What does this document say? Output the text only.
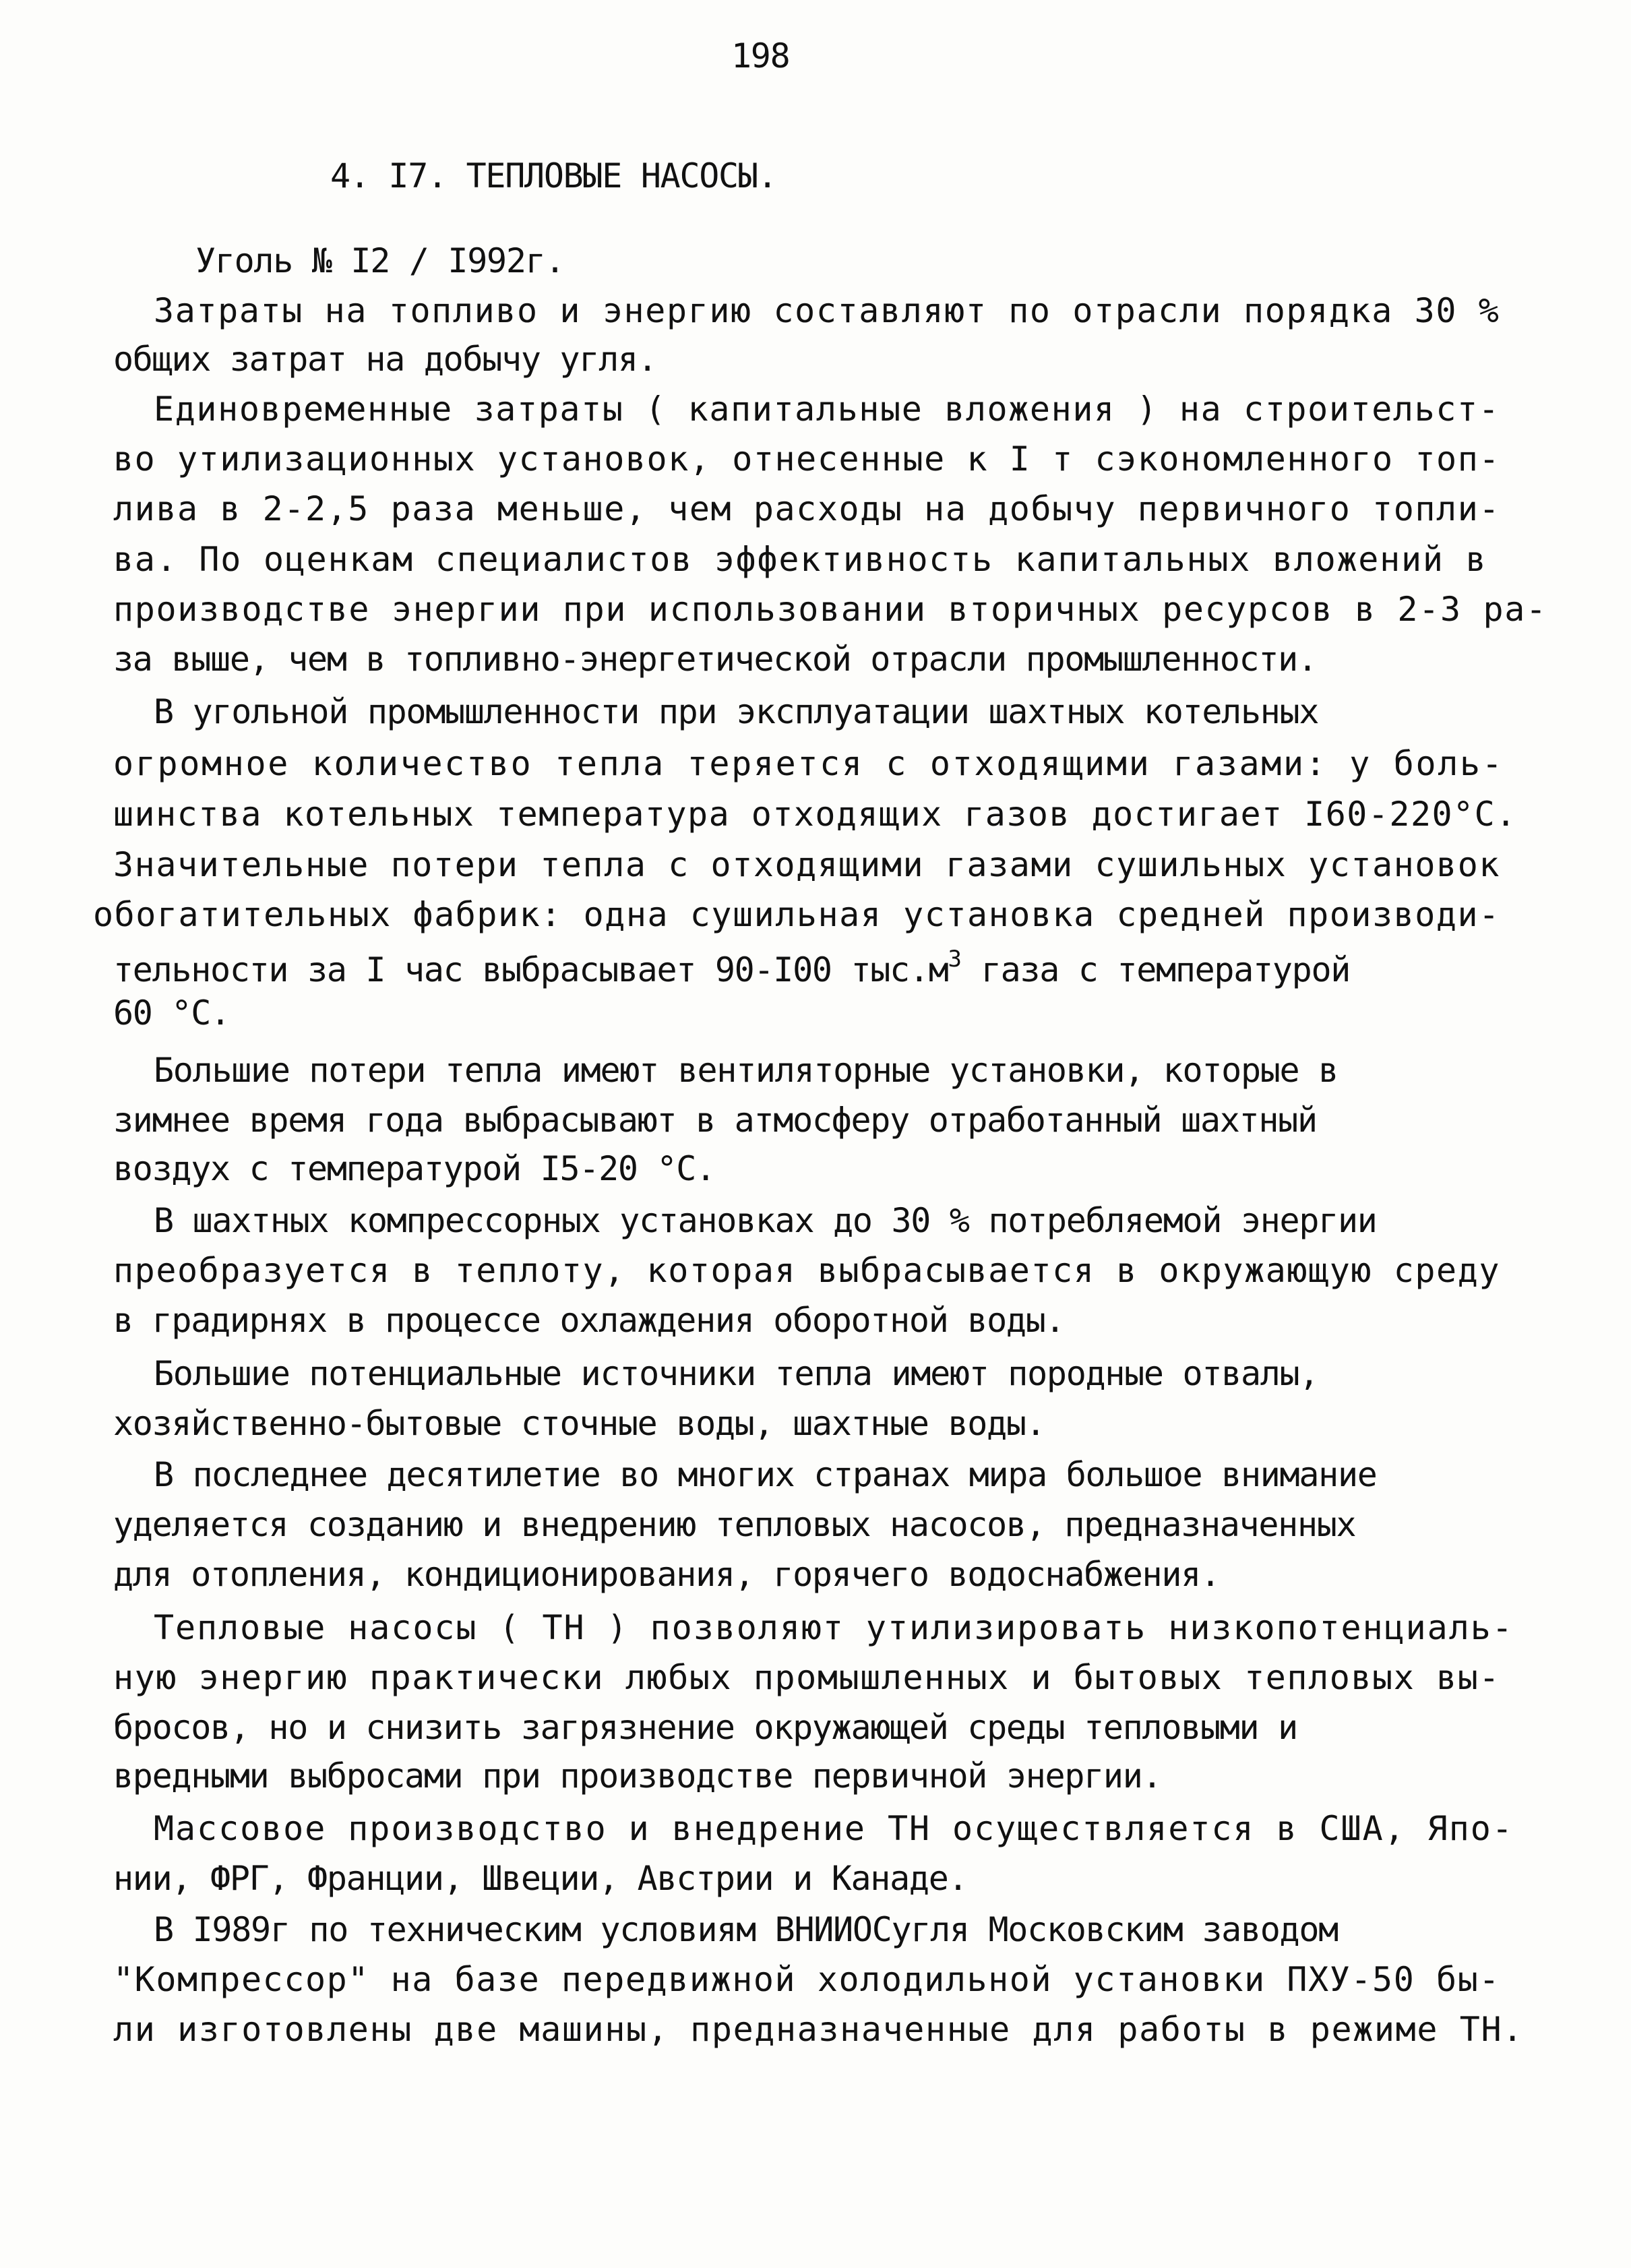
198
4. I7. ТЕПЛОВЫЕ НАСОСЫ.
Уголь № I2 / I992г.
Затраты на топливо и энергию составляют по отрасли порядка 30 %
общих затрат на добычу угля.
Единовременные затраты ( капитальные вложения ) на строительст-
во утилизационных установок, отнесенные к I т сэкономленного топ-
лива в 2-2,5 раза меньше, чем расходы на добычу первичного топли-
ва. По оценкам специалистов эффективность капитальных вложений в
производстве энергии при использовании вторичных ресурсов в 2-3 ра-
за выше, чем в топливно-энергетической отрасли промышленности.
В угольной промышленности при эксплуатации шахтных котельных
огромное количество тепла теряется с отходящими газами: у боль-
шинства котельных температура отходящих газов достигает I60-220°С.
Значительные потери тепла с отходящими газами сушильных установок
обогатительных фабрик: одна сушильная установка средней производи-
тельности за I час выбрасывает 90-I00 $тыс.м^3$ газа с температурой
60 °С.
Большие потери тепла имеют вентиляторные установки, которые в
зимнее время года выбрасывают в атмосферу отработанный шахтный
воздух с температурой I5-20 °С.
В шахтных компрессорных установках до 30 % потребляемой энергии
преобразуется в теплоту, которая выбрасывается в окружающую среду
в градирнях в процессе охлаждения оборотной воды.
Большие потенциальные источники тепла имеют породные отвалы,
хозяйственно-бытовые сточные воды, шахтные воды.
В последнее десятилетие во многих странах мира большое внимание
уделяется созданию и внедрению тепловых насосов, предназначенных
для отопления, кондиционирования, горячего водоснабжения.
Тепловые насосы ( ТН ) позволяют утилизировать низкопотенциаль-
ную энергию практически любых промышленных и бытовых тепловых вы-
бросов, но и снизить загрязнение окружающей среды тепловыми и
вредными выбросами при производстве первичной энергии.
Массовое производство и внедрение ТН осуществляется в США, Япо-
нии, ФРГ, Франции, Швеции, Австрии и Канаде.
В I989г по техническим условиям ВНИИОСугля Московским заводом
"Компрессор" на базе передвижной холодильной установки ПХУ-50 бы-
ли изготовлены две машины, предназначенные для работы в режиме ТН.
